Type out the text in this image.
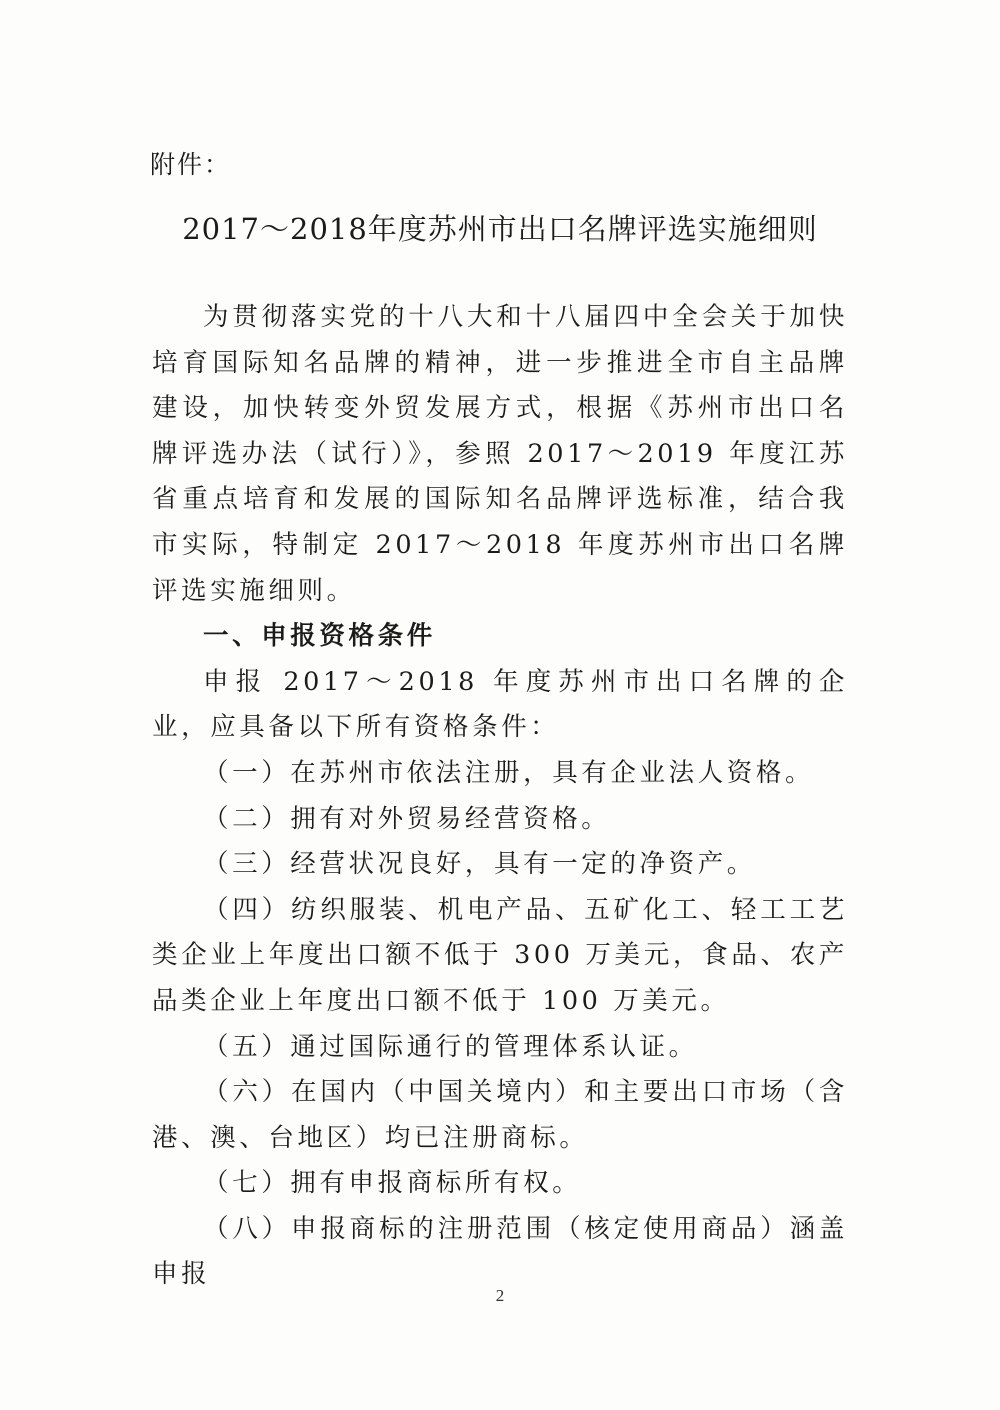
附件：
2017～2018年度苏州市出口名牌评选实施细则

为贯彻落实党的十八大和十八届四中全会关于加快培育国际知名品牌的精神，进一步推进全市自主品牌建设，加快转变外贸发展方式，根据《苏州市出口名牌评选办法（试行）》，参照 2017～2019 年度江苏省重点培育和发展的国际知名品牌评选标准，结合我市实际，特制定 2017～2018 年度苏州市出口名牌评选实施细则。

一、申报资格条件

申报 2017～2018 年度苏州市出口名牌的企业，应具备以下所有资格条件：

（一）在苏州市依法注册，具有企业法人资格。

（二）拥有对外贸易经营资格。

（三）经营状况良好，具有一定的净资产。

（四）纺织服装、机电产品、五矿化工、轻工工艺类企业上年度出口额不低于 300 万美元，食品、农产品类企业上年度出口额不低于 100 万美元。

（五）通过国际通行的管理体系认证。

（六）在国内（中国关境内）和主要出口市场（含港、澳、台地区）均已注册商标。

（七）拥有申报商标所有权。

（八）申报商标的注册范围（核定使用商品）涵盖申报

2
